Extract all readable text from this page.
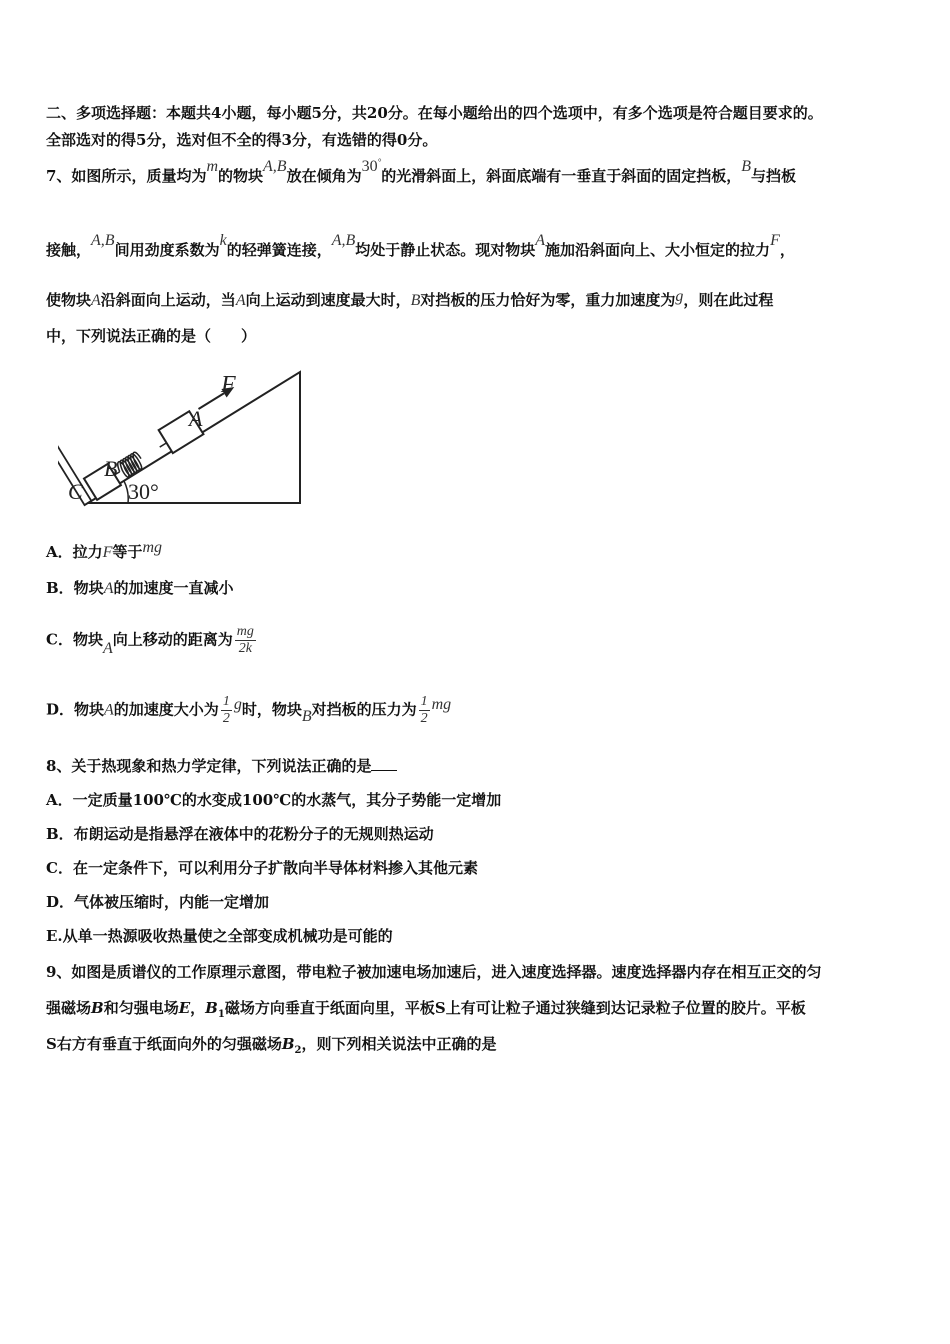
二、多项选择题：本题共4小题，每小题5分，共20分。在每小题给出的四个选项中，有多个选项是符合题目要求的。
全部选对的得5分，选对但不全的得3分，有选错的得0分。
7、如图所示，质量均为m的物块A,B放在倾角为30°的光滑斜面上，斜面底端有一垂直于斜面的固定挡板，B与挡板
接触，A,B间用劲度系数为k的轻弹簧连接，A,B均处于静止状态。现对物块A施加沿斜面向上、大小恒定的拉力F，
使物块A沿斜面向上运动，当A向上运动到速度最大时，B对挡板的压力恰好为零，重力加速度为g，则在此过程
中，下列说法正确的是（　　）
F
A
B
C 30°
A．拉力F等于mg
B．物块A的加速度一直减小
C．物块A向上移动的距离为 $\frac{mg}{2k}$
D．物块A的加速度大小为 $\frac{1}{2}$ g时，物块B对挡板的压力为 $\frac{1}{2}$ mg
8、关于热现象和热力学定律，下列说法正确的是
A．一定质量100℃的水变成100℃的水蒸气，其分子势能一定增加
B．布朗运动是指悬浮在液体中的花粉分子的无规则热运动
C．在一定条件下，可以利用分子扩散向半导体材料掺入其他元素
D．气体被压缩时，内能一定增加
E.从单一热源吸收热量使之全部变成机械功是可能的
9、如图是质谱仪的工作原理示意图，带电粒子被加速电场加速后，进入速度选择器。速度选择器内存在相互正交的匀
强磁场B和匀强电场E，$B_1$磁场方向垂直于纸面向里，平板S上有可让粒子通过狭缝到达记录粒子位置的胶片。平板
S右方有垂直于纸面向外的匀强磁场$B_2$，则下列相关说法中正确的是
